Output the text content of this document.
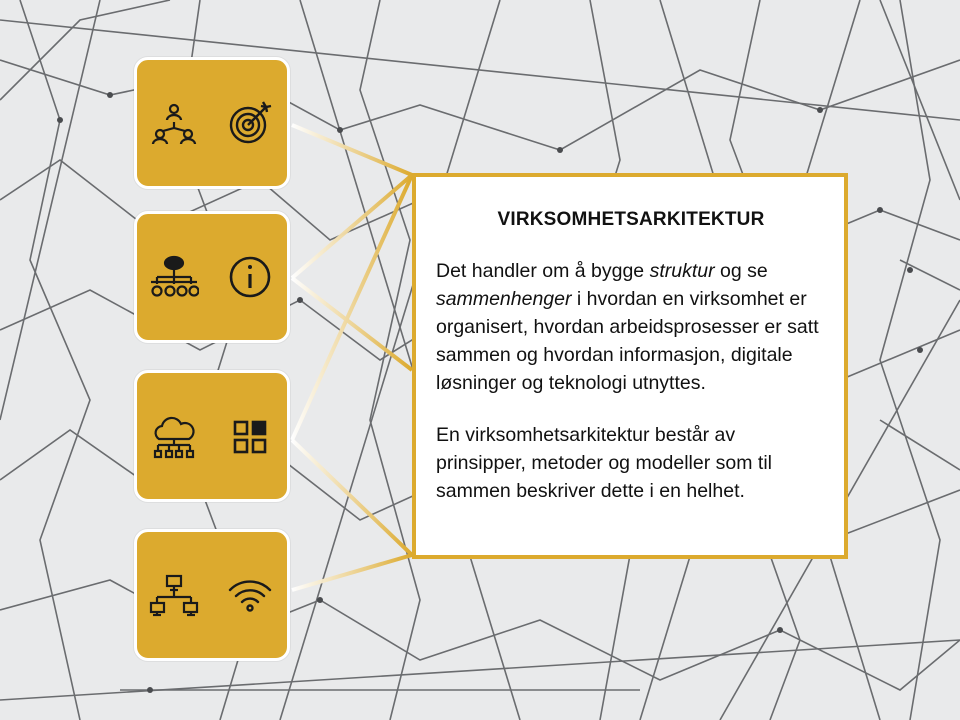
VIRKSOMHETSARKITEKTUR

Det handler om å bygge struktur og se sammenhenger i hvordan en virksomhet er organisert, hvordan arbeidsprosesser er satt sammen og hvordan informasjon, digitale løsninger og teknologi utnyttes.

En virksomhetsarkitektur består av prinsipper, metoder og modeller som til sammen beskriver dette i en helhet.
